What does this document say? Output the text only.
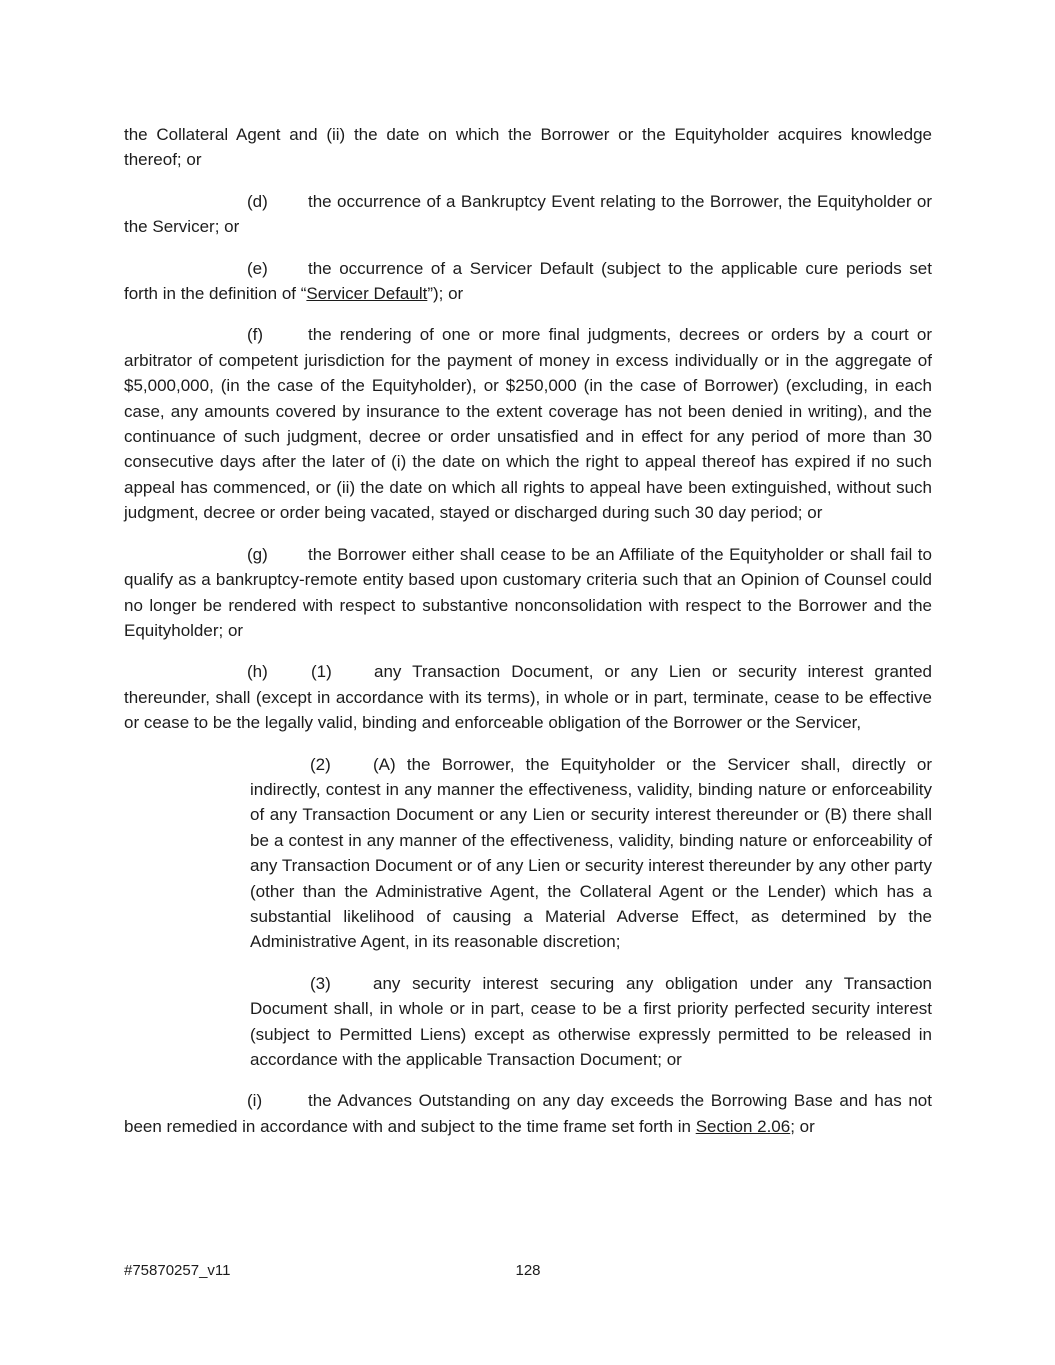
the Collateral Agent and (ii) the date on which the Borrower or the Equityholder acquires knowledge thereof; or

(d) the occurrence of a Bankruptcy Event relating to the Borrower, the Equityholder or the Servicer; or

(e) the occurrence of a Servicer Default (subject to the applicable cure periods set forth in the definition of “Servicer Default”); or

(f)	the rendering of one or more final judgments, decrees or orders by a court or arbitrator of competent jurisdiction for the payment of money in excess individually or in the aggregate of $5,000,000, (in the case of the Equityholder), or $250,000 (in the case of Borrower) (excluding, in each case, any amounts covered by insurance to the extent coverage has not been denied in writing), and the continuance of such judgment, decree or order unsatisfied and in effect for any period of more than 30 consecutive days after the later of (i) the date on which the right to appeal thereof has expired if no such appeal has commenced, or (ii) the date on which all rights to appeal have been extinguished, without such judgment, decree or order being vacated, stayed or discharged during such 30 day period; or

(g) the Borrower either shall cease to be an Affiliate of the Equityholder or shall fail to qualify as a bankruptcy-remote entity based upon customary criteria such that an Opinion of Counsel could no longer be rendered with respect to substantive nonconsolidation with respect to the Borrower and the Equityholder; or

(h)	(1) any Transaction Document, or any Lien or security interest granted thereunder, shall (except in accordance with its terms), in whole or in part, terminate, cease to be effective or cease to be the legally valid, binding and enforceable obligation of the Borrower or the Servicer,

(2) (A) the Borrower, the Equityholder or the Servicer shall, directly or indirectly, contest in any manner the effectiveness, validity, binding nature or enforceability of any Transaction Document or any Lien or security interest thereunder or (B) there shall be a contest in any manner of the effectiveness, validity, binding nature or enforceability of any Transaction Document or of any Lien or security interest thereunder by any other party (other than the Administrative Agent, the Collateral Agent or the Lender) which has a substantial likelihood of causing a Material Adverse Effect, as determined by the Administrative Agent, in its reasonable discretion;

(3) any security interest securing any obligation under any Transaction Document shall, in whole or in part, cease to be a first priority perfected security interest (subject to Permitted Liens) except as otherwise expressly permitted to be released in accordance with the applicable Transaction Document; or

(i)	the Advances Outstanding on any day exceeds the Borrowing Base and has not been remedied in accordance with and subject to the time frame set forth in Section 2.06; or

128
#75870257_v11
